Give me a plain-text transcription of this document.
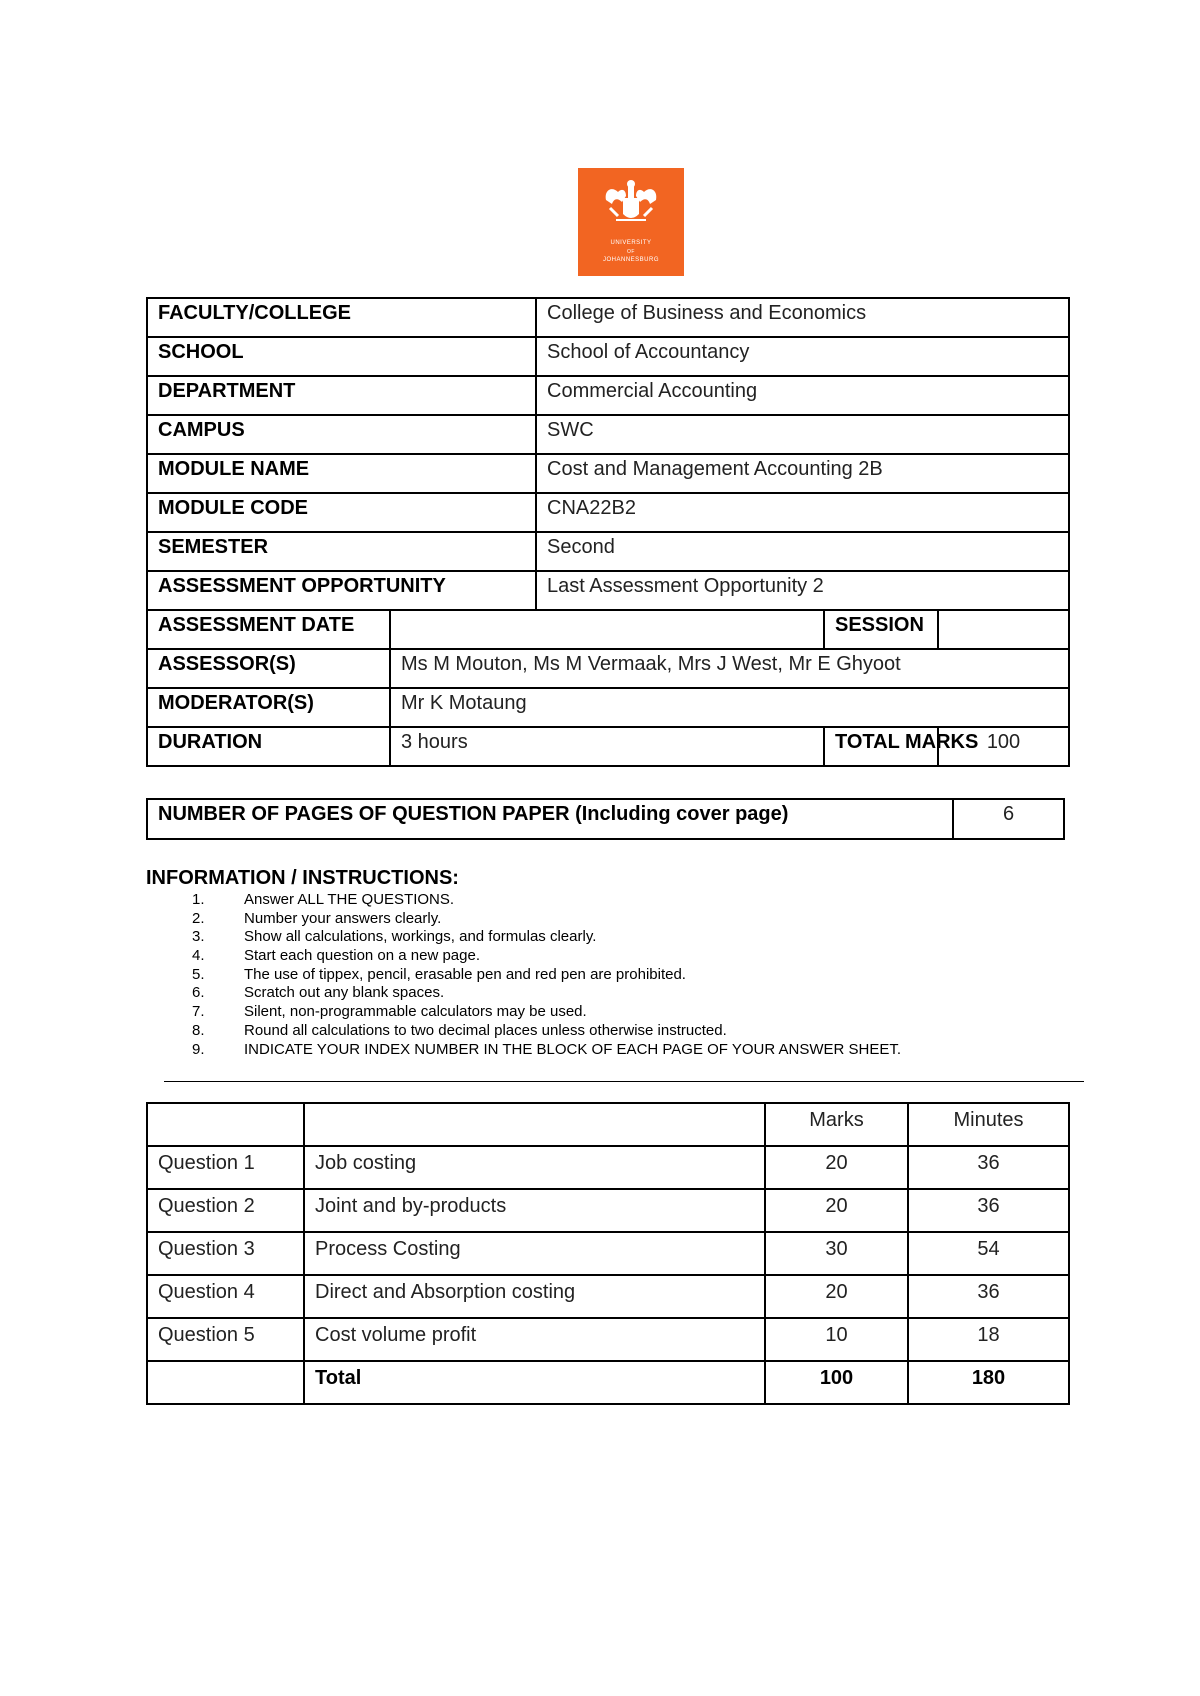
UNIVERSITY
OF
JOHANNESBURG
FACULTY/COLLEGE		College of Business and Economics		
SCHOOL		School of Accountancy		
DEPARTMENT		Commercial Accounting		
CAMPUS		SWC		
MODULE NAME		Cost and Management Accounting 2B		
MODULE CODE		CNA22B2		
SEMESTER		Second		
ASSESSMENT OPPORTUNITY		Last Assessment Opportunity 2		
ASSESSMENT DATE			SESSION	
ASSESSOR(S)	Ms M Mouton, Ms M Vermaak, Mrs J West, Mr E Ghyoot			
MODERATOR(S)	Mr K Motaung			
DURATION	3 hours		TOTAL MARKS	100
NUMBER OF PAGES OF QUESTION PAPER (Including cover page)	6
INFORMATION / INSTRUCTIONS:
1.	Answer ALL THE QUESTIONS.
2.	Number your answers clearly.
3.	Show all calculations, workings, and formulas clearly.
4.	Start each question on a new page.
5.	The use of tippex, pencil, erasable pen and red pen are prohibited.
6.	Scratch out any blank spaces.
7.	Silent, non-programmable calculators may be used.
8.	Round all calculations to two decimal places unless otherwise instructed.
9.	INDICATE YOUR INDEX NUMBER IN THE BLOCK OF EACH PAGE OF YOUR ANSWER SHEET.
		Marks	Minutes
Question 1	Job costing	20	36
Question 2	Joint and by-products	20	36
Question 3	Process Costing	30	54
Question 4	Direct and Absorption costing	20	36
Question 5	Cost volume profit	10	18
	Total	100	180
